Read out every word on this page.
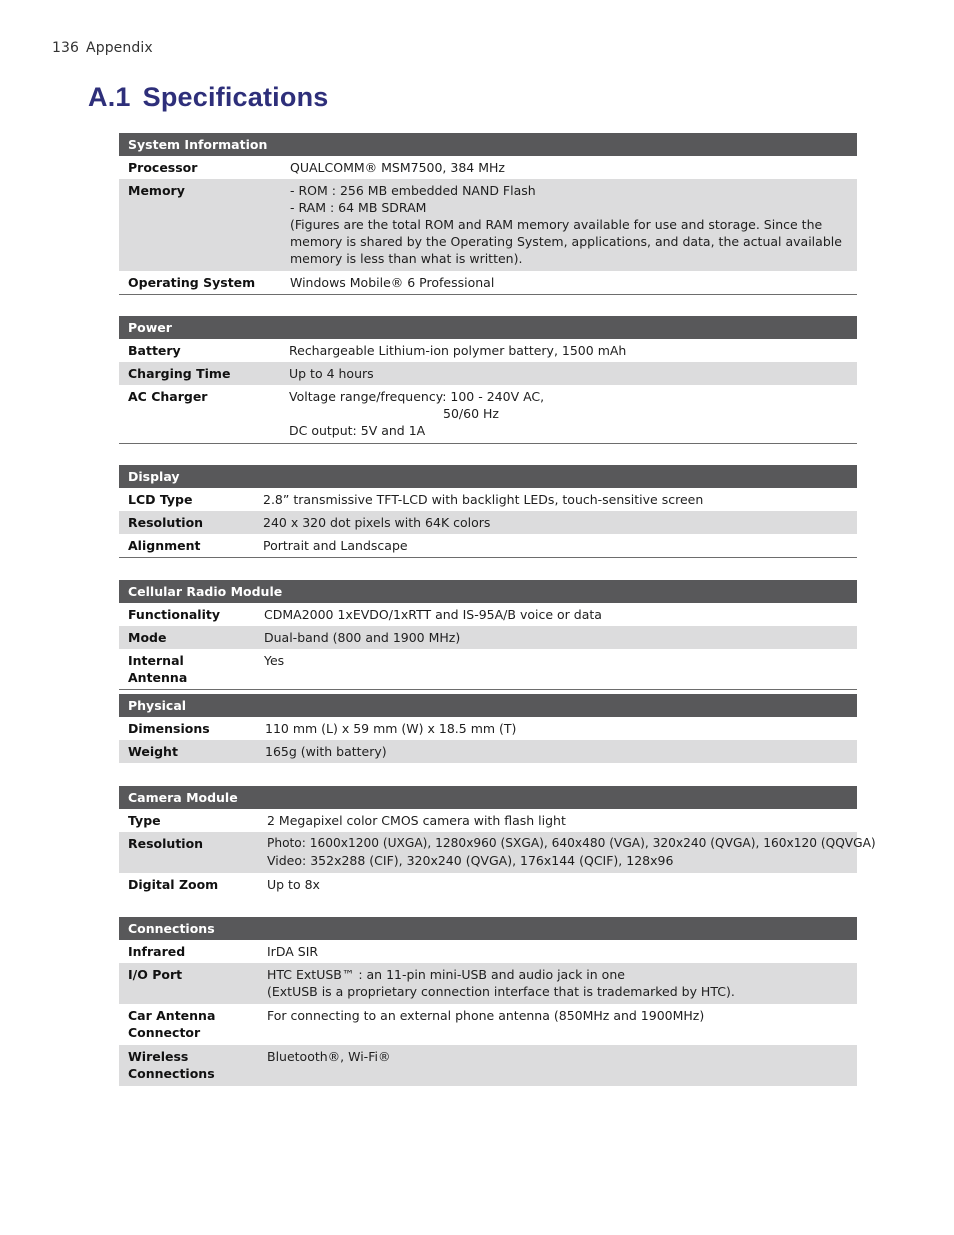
136 Appendix
A.1 Specifications
System Information	
Processor	QUALCOMM® MSM7500, 384 MHz
Memory	- ROM : 256 MB embedded NAND Flash
- RAM : 64 MB SDRAM
(Figures are the total ROM and RAM memory available for use and storage. Since the memory is shared by the Operating System, applications, and data, the actual available memory is less than what is written).

Operating System	Windows Mobile® 6 Professional
Power	
Battery	Rechargeable Lithium-ion polymer battery, 1500 mAh
Charging Time	Up to 4 hours
AC Charger	Voltage range/frequency: 100 - 240V AC,
50/60 Hz
DC output: 5V and 1A
Display	
LCD Type	2.8” transmissive TFT-LCD with backlight LEDs, touch-sensitive screen
Resolution	240 x 320 dot pixels with 64K colors
Alignment	Portrait and Landscape
Cellular Radio Module	
Functionality	CDMA2000 1xEVDO/1xRTT and IS-95A/B voice or data
Mode	Dual-band (800 and 1900 MHz)
Internal Antenna	Yes
Physical	
Dimensions	110 mm (L) x 59 mm (W) x 18.5 mm (T)
Weight	165g (with battery)
Camera Module	
Type	2 Megapixel color CMOS camera with flash light
Resolution	Photo: 1600x1200 (UXGA), 1280x960 (SXGA), 640x480 (VGA), 320x240 (QVGA), 160x120 (QQVGA)
Video: 352x288 (CIF), 320x240 (QVGA), 176x144 (QCIF), 128x96

Digital Zoom	Up to 8x
Connections	
Infrared	IrDA SIR
I/O Port	HTC ExtUSB™ : an 11-pin mini-USB and audio jack in one
(ExtUSB is a proprietary connection interface that is trademarked by HTC).

Car Antenna
Connector	For connecting to an external phone antenna (850MHz and 1900MHz)

Wireless
Connections	Bluetooth®, Wi-Fi®
